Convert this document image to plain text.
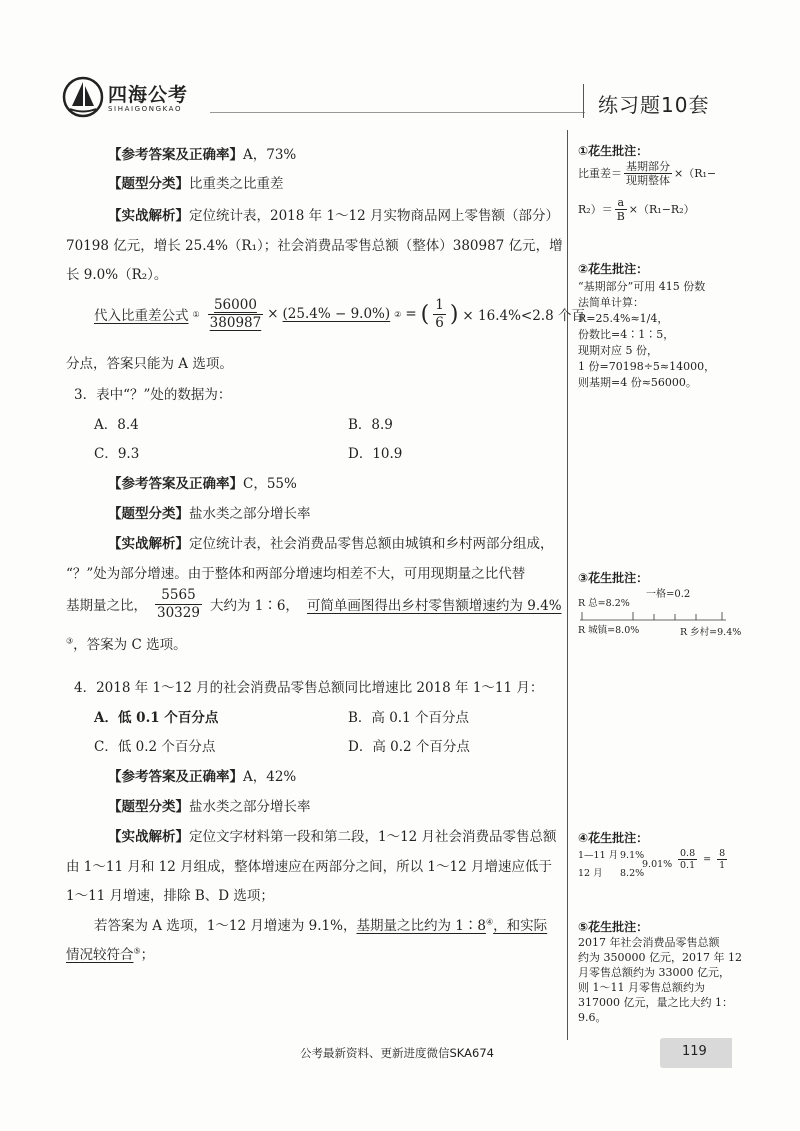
四海公考
SIHAIGONGKAO	练习题10套
【参考答案及正确率】A，73%
【题型分类】比重类之比重差
【实战解析】定位统计表，2018 年 1～12 月实物商品网上零售额（部分）
70198 亿元，增长 25.4%（R₁）；社会消费品零售总额（整体）380987 亿元，增
长 9.0%（R₂）。
代入比重差公式 ① $\frac{56000}{380987} \times (25.4\% - 9.0\%)$ ② = ( $\frac{1}{6}$ ) × 16.4%<2.8 个百
分点，答案只能为 A 选项。
3．表中“？”处的数据为：
A．8.4	B．8.9
C．9.3	D．10.9
【参考答案及正确率】C，55%
【题型分类】盐水类之部分增长率
【实战解析】定位统计表，社会消费品零售总额由城镇和乡村两部分组成，
“？”处为部分增速。由于整体和两部分增速均相差不大，可用现期量之比代替
基期量之比， $\frac{5565}{30329}$ 大约为 1∶6， 可简单画图得出乡村零售额增速约为 9.4%
③，答案为 C 选项。
4．2018 年 1～12 月的社会消费品零售总额同比增速比 2018 年 1～11 月：
A．低 0.1 个百分点	B．高 0.1 个百分点
C．低 0.2 个百分点	D．高 0.2 个百分点
【参考答案及正确率】A，42%
【题型分类】盐水类之部分增长率
【实战解析】定位文字材料第一段和第二段，1～12 月社会消费品零售总额
由 1～11 月和 12 月组成，整体增速应在两部分之间，所以 1～12 月增速应低于
1～11 月增速，排除 B、D 选项；
若答案为 A 选项，1～12 月增速为 9.1%，基期量之比约为 1∶8④，和实际
情况较符合⑤；
①花生批注：
比重差＝ $\frac{\text{基期部分}}{\text{现期整体}} \times(R_1-$
$R_2)= \frac{a}{B} \times(R_1-R_2)$
②花生批注：
“基期部分”可用 415 份数
法简单计算：
R=25.4%≈1/4，
份数比=4∶1∶5，
现期对应 5 份，
1 份=70198÷5≈14000，
则基期=4 份≈56000。
③花生批注：
一格=0.2
R 总=8.2%
R 城镇=8.0%	R 乡村=9.4%
④花生批注：
1—11 月 9.1%
9.01%
12 月 8.2%
$\frac{0.8}{0.1} = \frac{8}{1}$
⑤花生批注：
2017 年社会消费品零售总额
约为 350000 亿元，2017 年 12
月零售总额约为 33000 亿元，
则 1～11 月零售总额约为
317000 亿元，量之比大约 1：
9.6。
公考最新资料、更新进度微信SKA674	119
